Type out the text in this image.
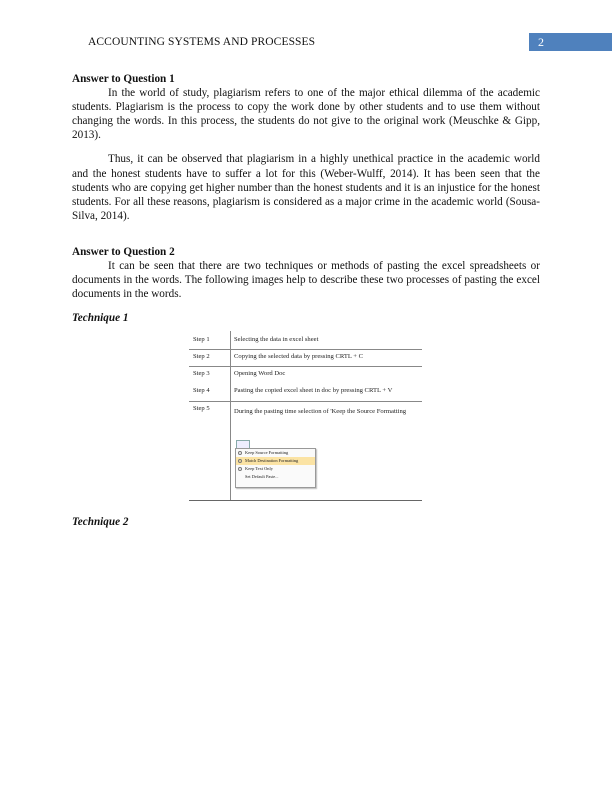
ACCOUNTING SYSTEMS AND PROCESSES	2
Answer to Question 1

In the world of study, plagiarism refers to one of the major ethical dilemma of the academic students. Plagiarism is the process to copy the work done by other students and to use them without changing the words. In this process, the students do not give to the original work (Meuschke & Gipp, 2013).

Thus, it can be observed that plagiarism in a highly unethical practice in the academic world and the honest students have to suffer a lot for this (Weber-Wulff, 2014). It has been seen that the students who are copying get higher number than the honest students and it is an injustice for the honest students. For all these reasons, plagiarism is considered as a major crime in the academic world (Sousa-Silva, 2014).

Answer to Question 2

It can be seen that there are two techniques or methods of pasting the excel spreadsheets or documents in the words. The following images help to describe these two processes of pasting the excel documents in the words.

Technique 1

Step 1	Selecting the data in excel sheet
Step 2	Copying the selected data by pressing CRTL + C
Step 3	Opening Word Doc
Step 4	Pasting the copied excel sheet in doc by pressing CRTL + V
Step 5	During the pasting time selection of 'Keep the Source Formatting
Keep Source Formatting
Match Destination Formatting
Keep Text Only
Set Default Paste...
Technique 2
